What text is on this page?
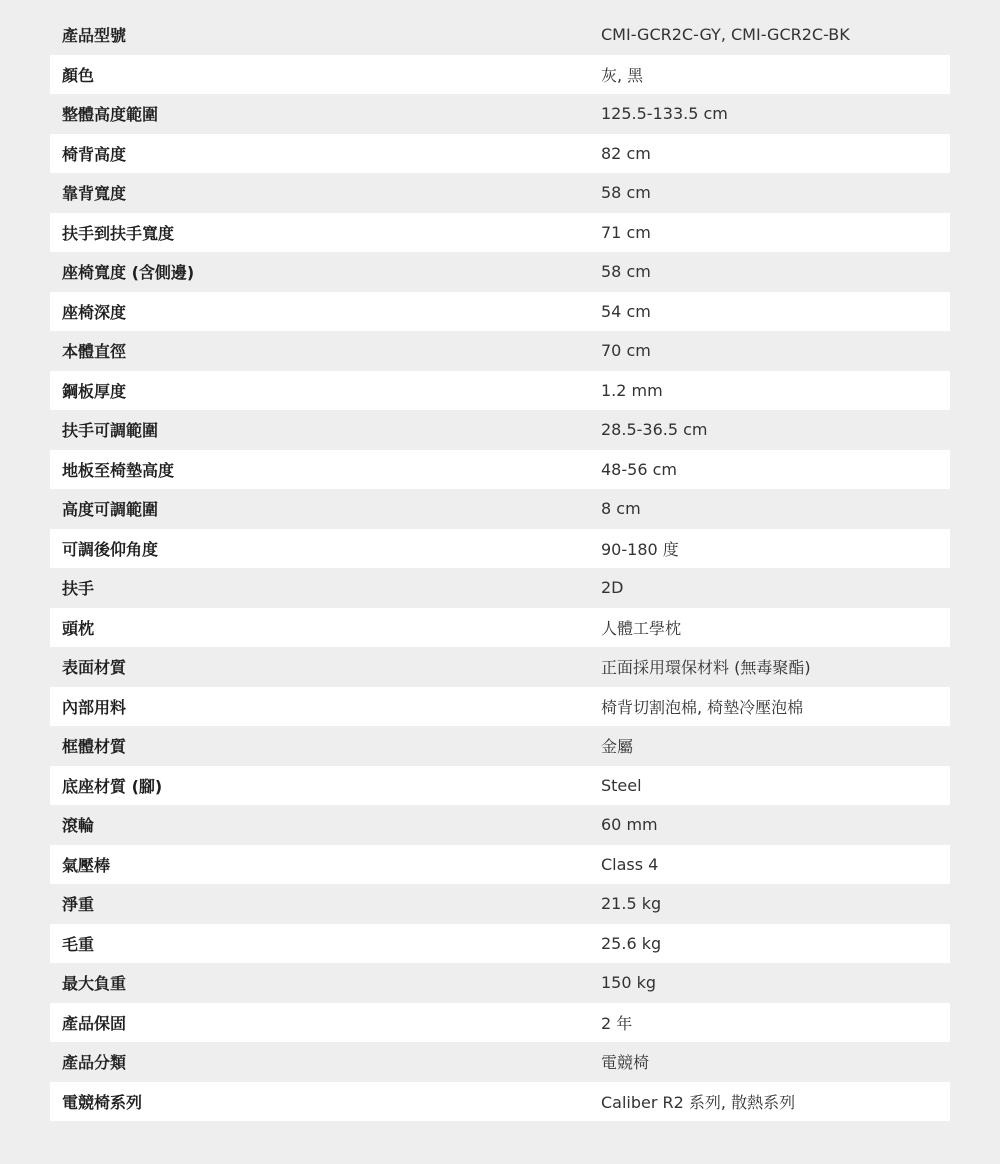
產品型號	CMI-GCR2C-GY, CMI-GCR2C-BK
顏色	灰, 黑
整體高度範圍	125.5-133.5 cm
椅背高度	82 cm
靠背寬度	58 cm
扶手到扶手寬度	71 cm
座椅寬度 (含側邊)	58 cm
座椅深度	54 cm
本體直徑	70 cm
鋼板厚度	1.2 mm
扶手可調範圍	28.5-36.5 cm
地板至椅墊高度	48-56 cm
高度可調範圍	8 cm
可調後仰角度	90-180 度
扶手	2D
頭枕	人體工學枕
表面材質	正面採用環保材料 (無毒聚酯)
內部用料	椅背切割泡棉, 椅墊冷壓泡棉
框體材質	金屬
底座材質 (腳)	Steel
滾輪	60 mm
氣壓棒	Class 4
淨重	21.5 kg
毛重	25.6 kg
最大負重	150 kg
產品保固	2 年
產品分類	電競椅
電競椅系列	Caliber R2 系列, 散熱系列
